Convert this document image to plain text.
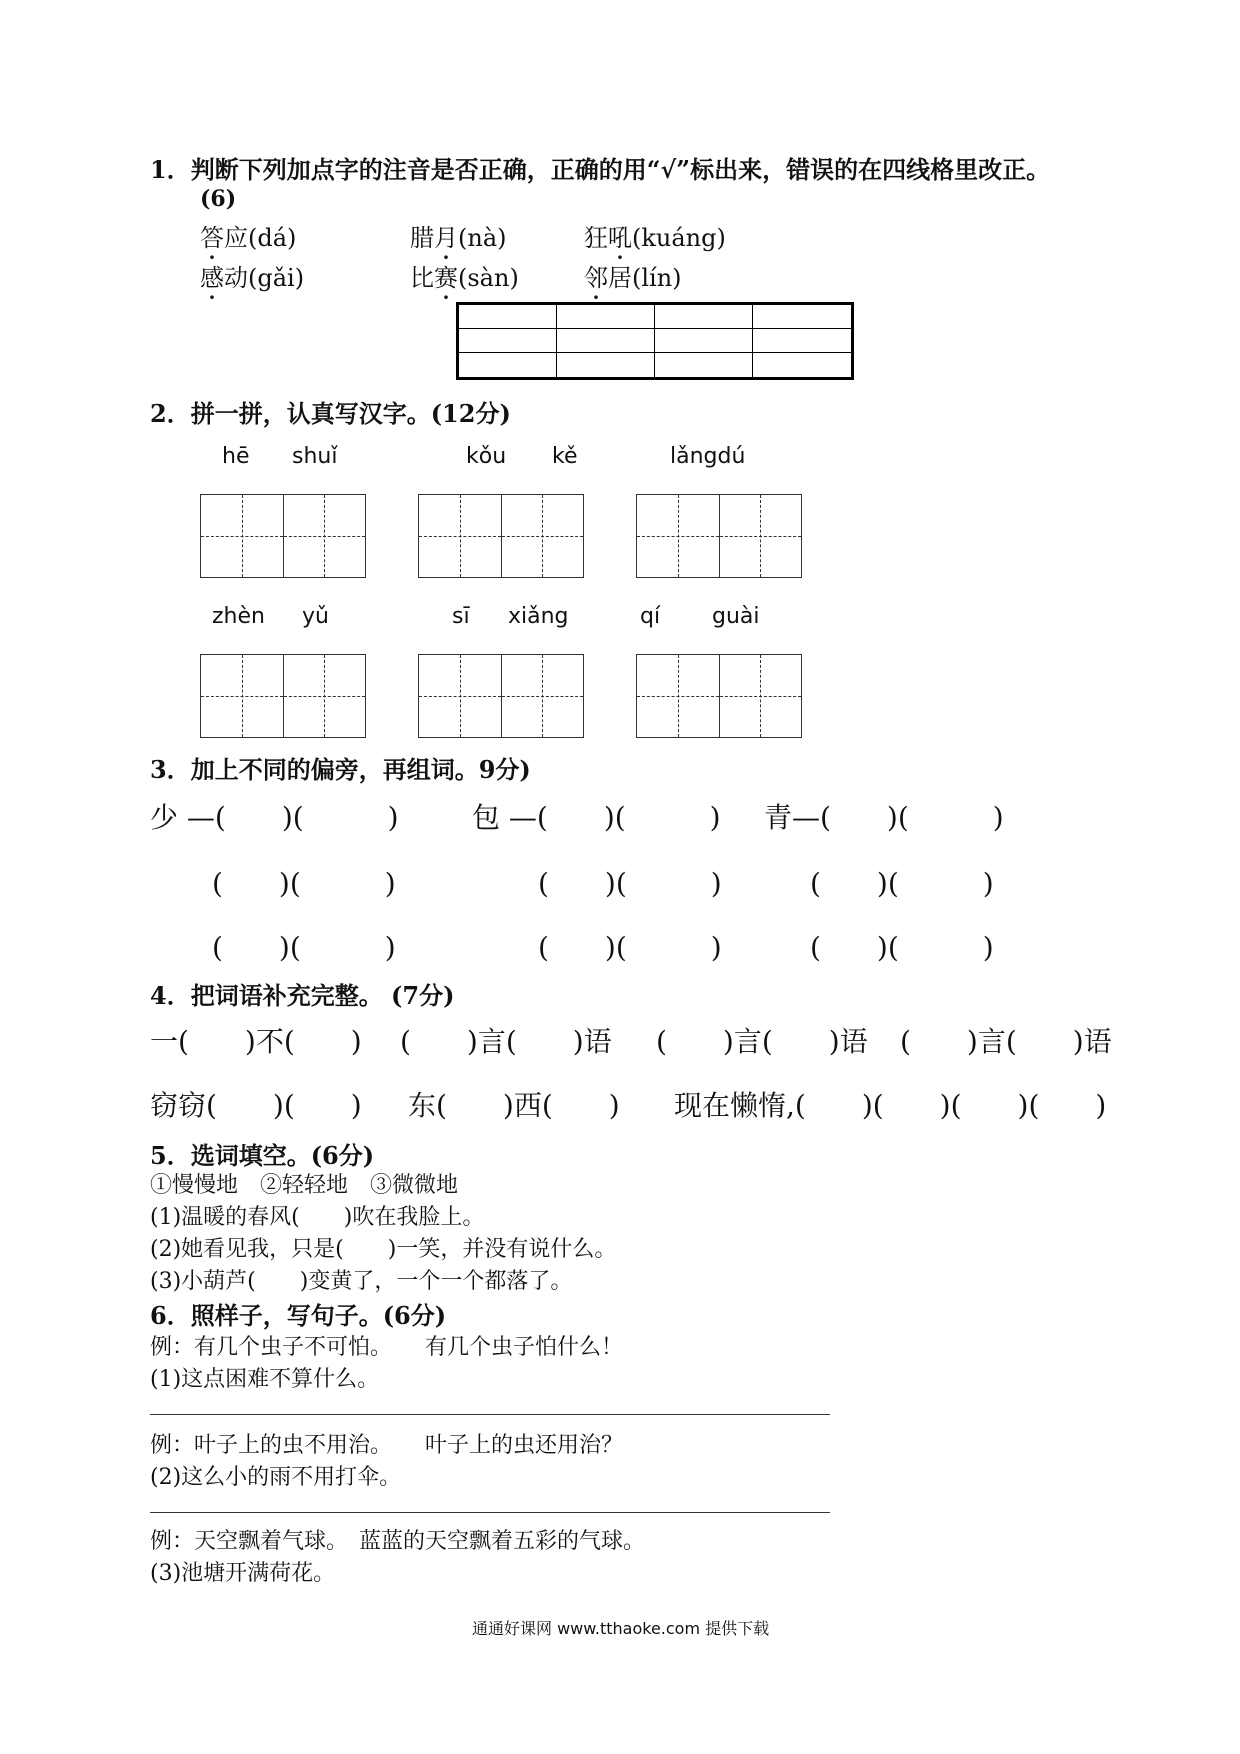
1．判断下列加点字的注音是否正确，正确的用“√”标出来，错误的在四线格里改正。
(6)
答应(dá)	腊月(nà)	狂吼(kuáng)
感动(gǎi)	比赛(sàn)	邻居(lín)
2．拼一拼，认真写汉字。(12分)
hē shuǐ	kǒu kě	lǎngdú
zhèn yǔ	sī xiǎng	qí guài
3．加上不同的偏旁，再组词。9分)
少 —(　　)(　　　)	包 —(　　)(　　　) 青—(　　)(　　　)
(　　)(　　　)	(　　)(　　　)	(　　)(　　　)
(　　)(　　　)	(　　)(　　　)	(　　)(　　　)
4．把词语补充完整。 (7分)
一(　　)不(　　) (　　)言(　　)语 (　　)言(　　)语 (　　)言(　　)语
窃窃(　　)(　　) 东(　　)西(　　) 现在懒惰,(　　)(　　)(　　)(　　)
5．选词填空。(6分)
①慢慢地　②轻轻地　③微微地
(1)温暖的春风(　　)吹在我脸上。
(2)她看见我，只是(　　)一笑，并没有说什么。
(3)小葫芦(　　)变黄了，一个一个都落了。
6．照样子，写句子。(6分)
例：有几个虫子不可怕。　　有几个虫子怕什么！
(1)这点困难不算什么。
例：叶子上的虫不用治。　　叶子上的虫还用治？
(2)这么小的雨不用打伞。
例：天空飘着气球。　蓝蓝的天空飘着五彩的气球。
(3)池塘开满荷花。
通通好课网 www.tthaoke.com 提供下载
